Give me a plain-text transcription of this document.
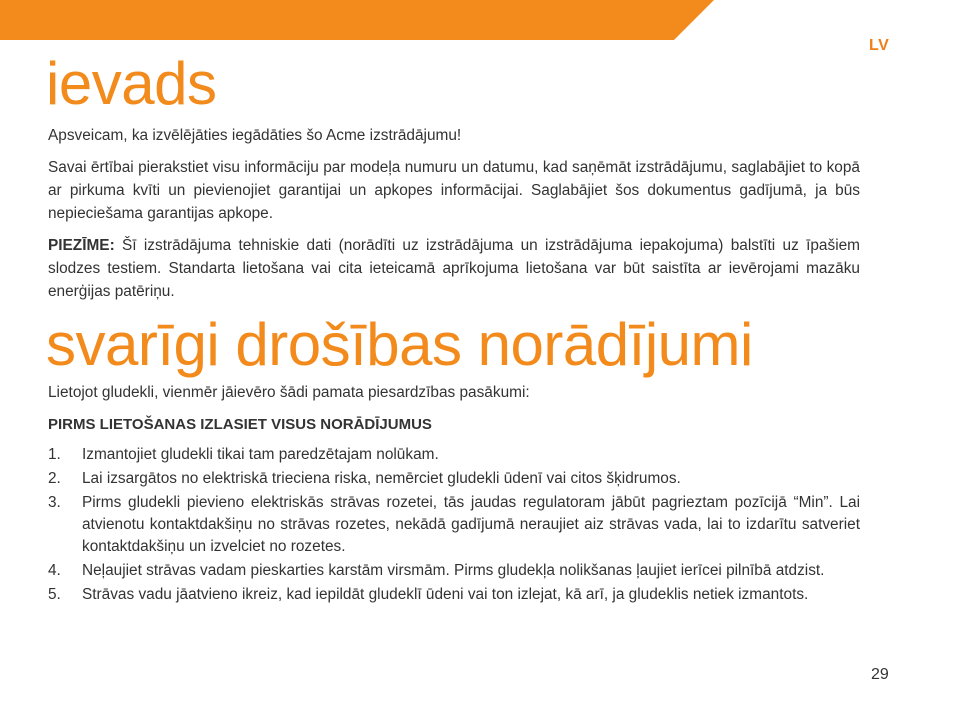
LV
ievads

Apsveicam, ka izvēlējāties iegādāties šo Acme izstrādājumu!

Savai ērtībai pierakstiet visu informāciju par modeļa numuru un datumu, kad saņēmāt izstrādājumu, saglabājiet to kopā ar pirkuma kvīti un pievienojiet garantijai un apkopes informācijai. Saglabājiet šos dokumentus gadījumā, ja būs nepieciešama garantijas apkope.

PIEZĪME: Šī izstrādājuma tehniskie dati (norādīti uz izstrādājuma un izstrādājuma iepakojuma) balstīti uz īpašiem slodzes testiem. Standarta lietošana vai cita ieteicamā aprīkojuma lietošana var būt saistīta ar ievērojami mazāku enerģijas patēriņu.

svarīgi drošības norādījumi

Lietojot gludekli, vienmēr jāievēro šādi pamata piesardzības pasākumi:

PIRMS LIETOŠANAS IZLASIET VISUS NORĀDĪJUMUS
1. Izmantojiet gludekli tikai tam paredzētajam nolūkam.
2. Lai izsargātos no elektriskā trieciena riska, nemērciet gludekli ūdenī vai citos šķidrumos.
3. Pirms gludekli pievieno elektriskās strāvas rozetei, tās jaudas regulatoram jābūt pagrieztam pozīcijā “Min”. Lai atvienotu kontaktdakšiņu no strāvas rozetes, nekādā gadījumā neraujiet aiz strāvas vada, lai to izdarītu satveriet kontaktdakšiņu un izvelciet no rozetes.
4. Neļaujiet strāvas vadam pieskarties karstām virsmām. Pirms gludekļa nolikšanas ļaujiet ierīcei pilnībā atdzist.
5. Strāvas vadu jāatvieno ikreiz, kad iepildāt gludeklī ūdeni vai ton izlejat, kā arī, ja gludeklis netiek izmantots.
29
